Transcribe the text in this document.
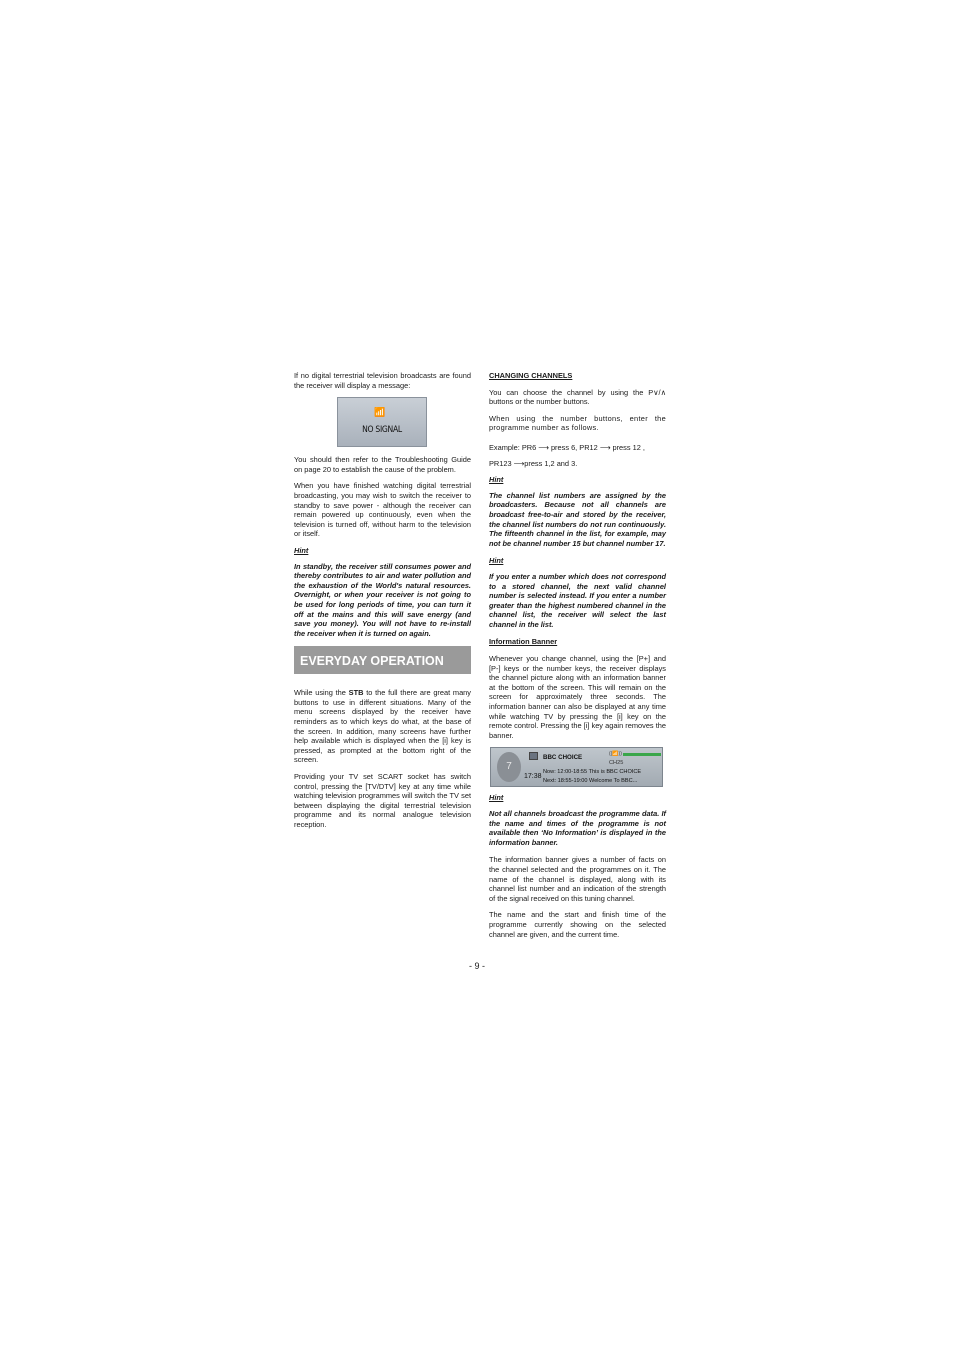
If no digital terrestrial television broadcasts are found the receiver will display a message:

📶
NO SIGNAL

You should then refer to the Troubleshooting Guide on page 20 to establish the cause of the problem.

When you have finished watching digital terrestrial broadcasting, you may wish to switch the receiver to standby to save power - although the receiver can remain powered up continuously, even when the television is turned off, without harm to the television or itself.

Hint
In standby, the receiver still consumes power and thereby contributes to air and water pollution and the exhaustion of the World's natural resources. Overnight, or when your receiver is not going to be used for long periods of time, you can turn it off at the mains and this will save energy (and save you money). You will not have to re-install the receiver when it is turned on again.
EVERYDAY OPERATION

While using the STB to the full there are great many buttons to use in different situations. Many of the menu screens displayed by the receiver have reminders as to which keys do what, at the base of the screen. In addition, many screens have further help available which is displayed when the [i] key is pressed, as prompted at the bottom right of the screen.

Providing your TV set SCART socket has switch control, pressing the [TV/DTV] key at any time while watching television programmes will switch the TV set between displaying the digital terrestrial television programme and its normal analogue television reception.

CHANGING CHANNELS

You can choose the channel by using the P∨/∧ buttons or the number buttons.

When using the number buttons, enter the programme number as follows.

Example: PR6 ⟶ press 6, PR12 ⟶ press 12 ,

PR123 ⟶press 1,2 and 3.

Hint
The channel list numbers are assigned by the broadcasters. Because not all channels are broadcast free-to-air and stored by the receiver, the channel list numbers do not run continuously. The fifteenth channel in the list, for example, may not be channel number 15 but channel number 17.
Hint
If you enter a number which does not correspond to a stored channel, the next valid channel number is selected instead. If you enter a number greater than the highest numbered channel in the channel list, the receiver will select the last channel in the list.
Information Banner

Whenever you change channel, using the [P+] and [P-] keys or the number keys, the receiver displays the channel picture along with an information banner at the bottom of the screen. This will remain on the screen for approximately three seconds. The information banner can also be displayed at any time while watching TV by pressing the [i] key on the remote control. Pressing the [i] key again removes the banner.

7
BBC CHOICE	((📶))
CH25
17:38
Now: 12:00-18:55 This is BBC CHOICE
Next: 18:55-19:00 Welcome To BBC...
Hint
Not all channels broadcast the programme data. If the name and times of the programme is not available then ‘No Information’ is displayed in the information banner.

The information banner gives a number of facts on the channel selected and the programmes on it. The name of the channel is displayed, along with its channel list number and an indication of the strength of the signal received on this tuning channel.

The name and the start and finish time of the programme currently showing on the selected channel are given, and the current time.

- 9 -
